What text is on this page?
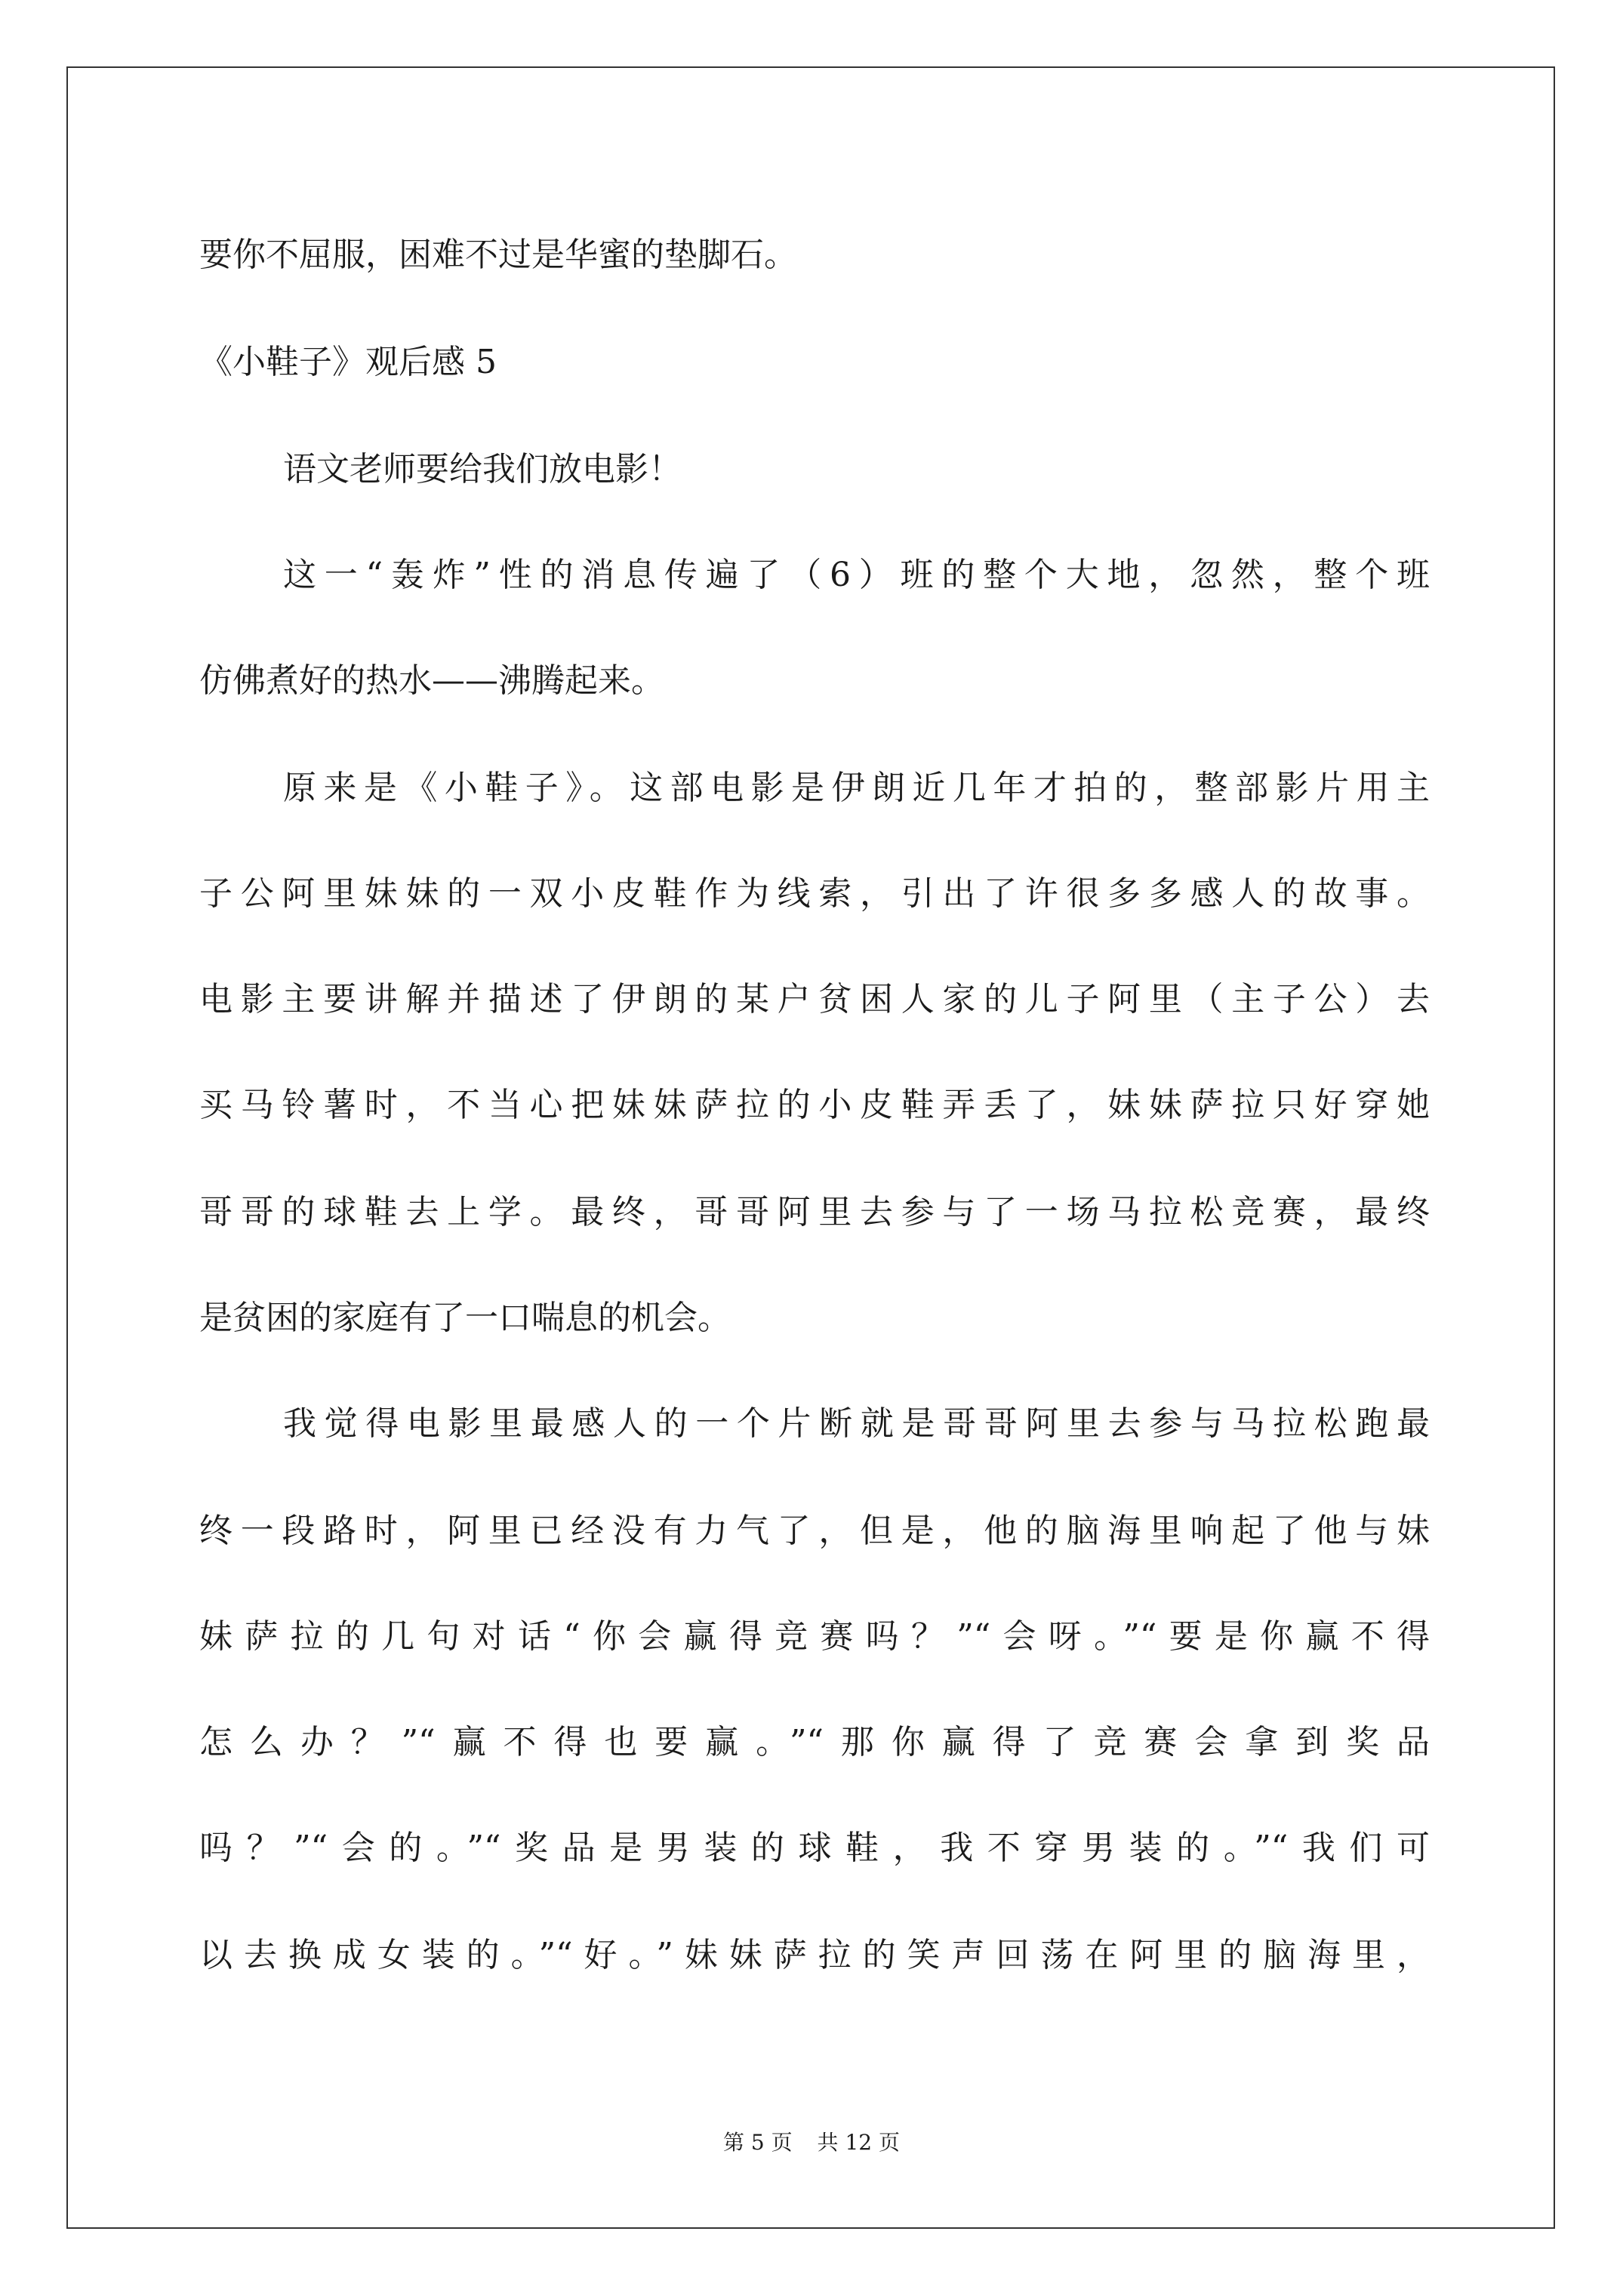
要你不屈服，困难不过是华蜜的垫脚石。
《小鞋子》观后感 5
语文老师要给我们放电影！
这一“轰炸”性的消息传遍了（6）班的整个大地，忽然，整个班
仿佛煮好的热水——沸腾起来。
原来是《小鞋子》。这部电影是伊朗近几年才拍的，整部影片用主
子公阿里妹妹的一双小皮鞋作为线索，引出了许很多多感人的故事。
电影主要讲解并描述了伊朗的某户贫困人家的儿子阿里（主子公）去
买马铃薯时，不当心把妹妹萨拉的小皮鞋弄丢了，妹妹萨拉只好穿她
哥哥的球鞋去上学。最终，哥哥阿里去参与了一场马拉松竞赛，最终
是贫困的家庭有了一口喘息的机会。
我觉得电影里最感人的一个片断就是哥哥阿里去参与马拉松跑最
终一段路时，阿里已经没有力气了，但是，他的脑海里响起了他与妹
妹萨拉的几句对话“你会赢得竞赛吗？”“会呀。”“要是你赢不得
怎么办？”“赢不得也要赢。”“那你赢得了竞赛会拿到奖品
吗？”“会的。”“奖品是男装的球鞋，我不穿男装的。”“我们可
以去换成女装的。”“好。”妹妹萨拉的笑声回荡在阿里的脑海里，
第 5 页 共 12 页
